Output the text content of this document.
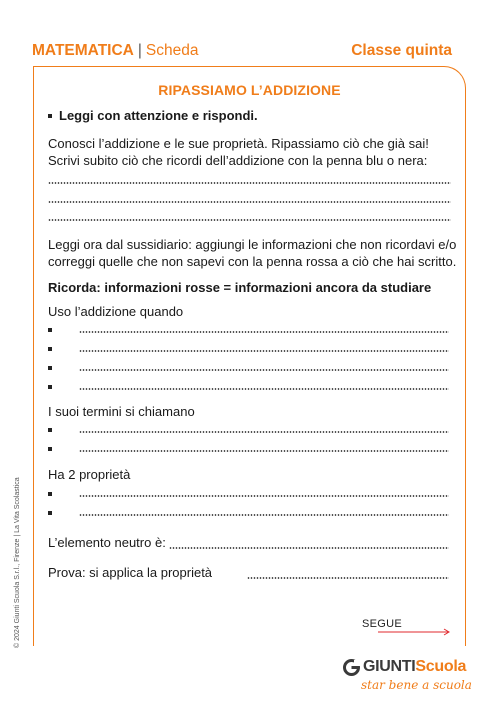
MATEMATICA | Scheda	Classe quinta
RIPASSIAMO L’ADDIZIONE
Leggi con attenzione e rispondi.
Conosci l’addizione e le sue proprietà. Ripassiamo ciò che già sai!
Scrivi subito ciò che ricordi dell’addizione con la penna blu o nera:
Leggi ora dal sussidiario: aggiungi le informazioni che non ricordavi e/o
correggi quelle che non sapevi con la penna rossa a ciò che hai scritto.
Ricorda: informazioni rosse = informazioni ancora da studiare
Uso l’addizione quando
I suoi termini si chiamano
Ha 2 proprietà
L’elemento neutro è:
Prova: si applica la proprietà
SEGUE
© 2024 Giunti Scuola S.r.l., Firenze | La Vita Scolastica
GIUNTIScuola
star bene a scuola
